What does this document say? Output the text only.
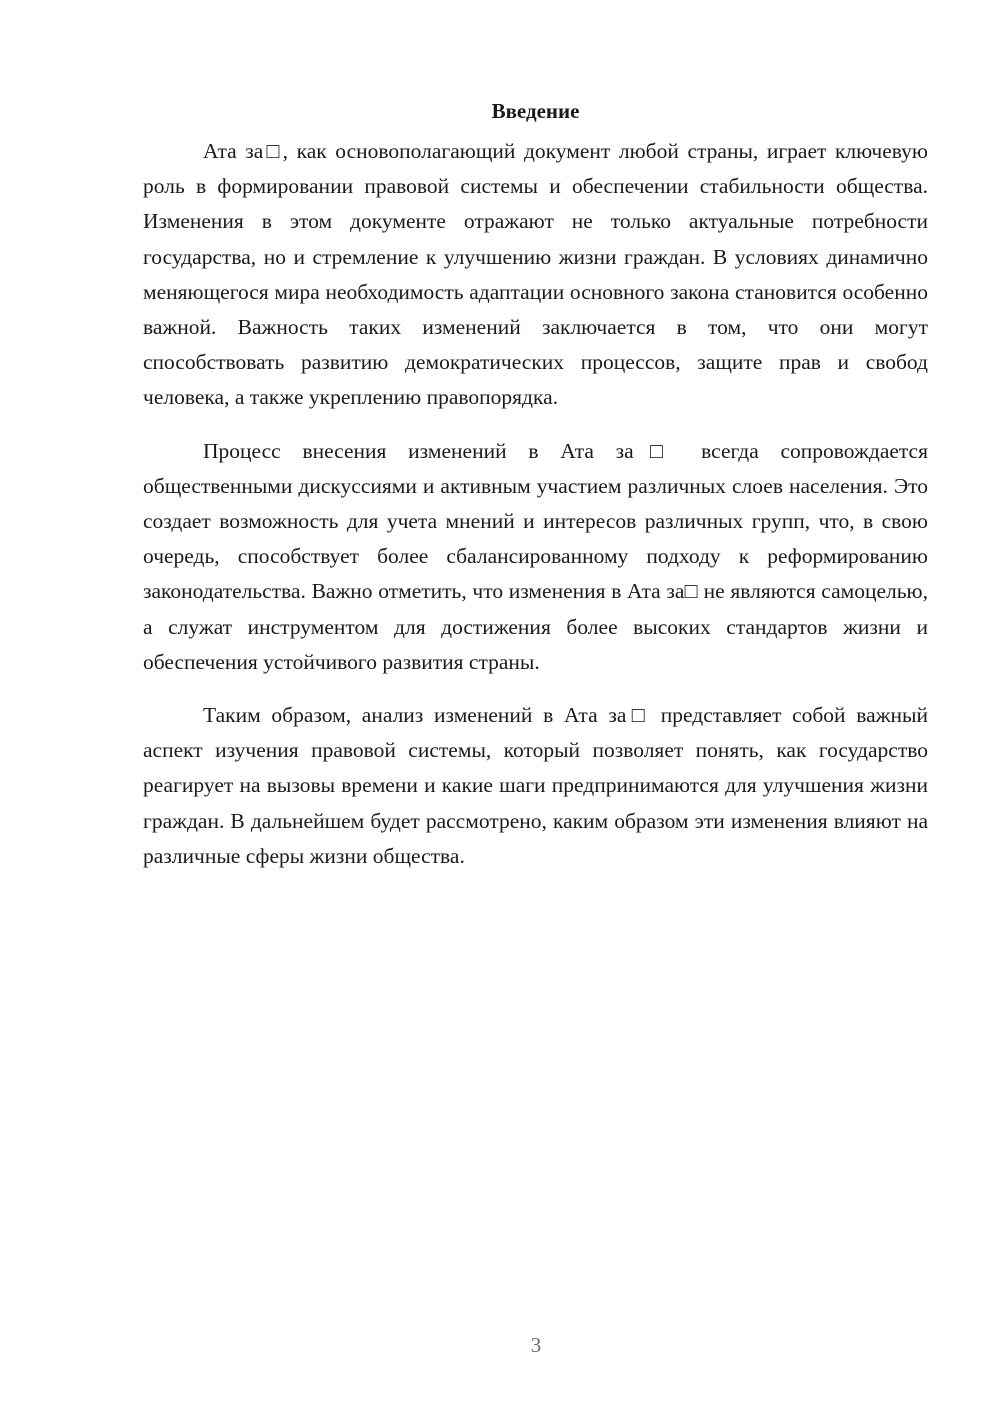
Введение

Ата за□, как основополагающий документ любой страны, играет ключевую роль в формировании правовой системы и обеспечении стабильности общества. Изменения в этом документе отражают не только актуальные потребности государства, но и стремление к улучшению жизни граждан. В условиях динамично меняющегося мира необходимость адаптации основного закона становится особенно важной. Важность таких изменений заключается в том, что они могут способствовать развитию демократических процессов, защите прав и свобод человека, а также укреплению правопорядка.

Процесс внесения изменений в Ата за□ всегда сопровождается общественными дискуссиями и активным участием различных слоев населения. Это создает возможность для учета мнений и интересов различных групп, что, в свою очередь, способствует более сбалансированному подходу к реформированию законодательства. Важно отметить, что изменения в Ата за□ не являются самоцелью, а служат инструментом для достижения более высоких стандартов жизни и обеспечения устойчивого развития страны.

Таким образом, анализ изменений в Ата за□ представляет собой важный аспект изучения правовой системы, который позволяет понять, как государство реагирует на вызовы времени и какие шаги предпринимаются для улучшения жизни граждан. В дальнейшем будет рассмотрено, каким образом эти изменения влияют на различные сферы жизни общества.

3
